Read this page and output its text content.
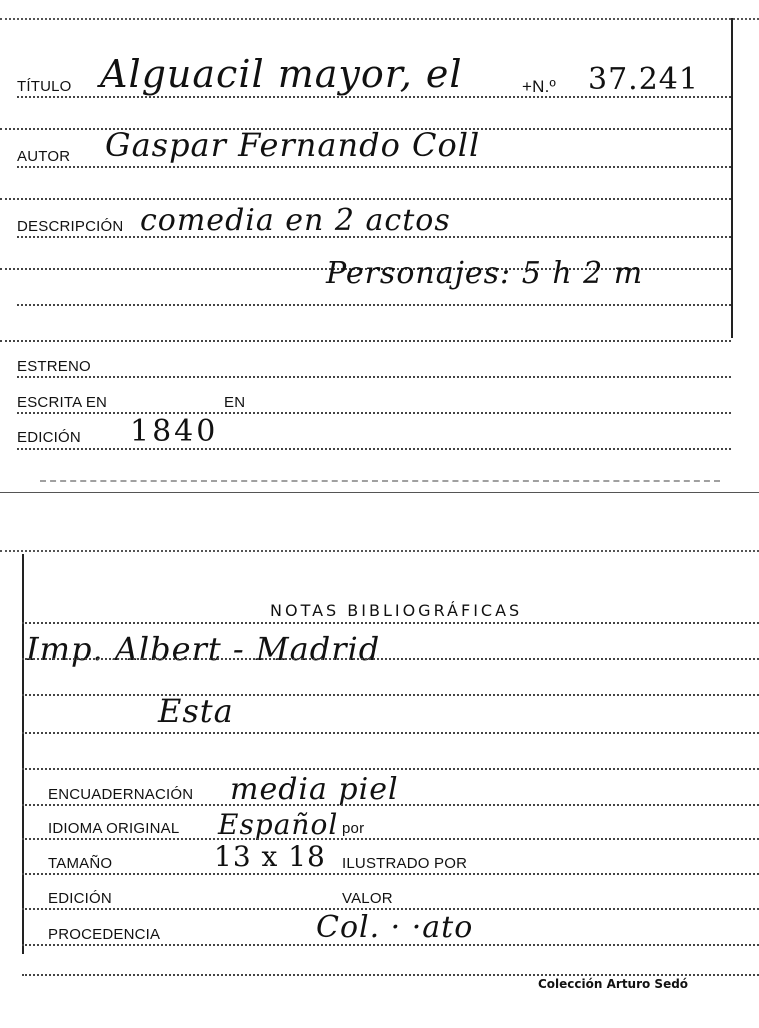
TÍTULO Alguacil mayor, el	+N.º 37.241
AUTOR Gaspar Fernando Coll
DESCRIPCIÓN comedia en 2 actos
Personajes: 5 h 2 m
ESTRENO
ESCRITA EN	EN
EDICIÓN 1840
NOTAS BIBLIOGRÁFICAS
Imp. Albert - Madrid
Esta
ENCUADERNACIÓN media piel
IDIOMA ORIGINAL Español por
TAMAÑO	13 x 18 ILUSTRADO POR
EDICIÓN	VALOR
PROCEDENCIA	Col. · ·ato
Colección Arturo Sedó
